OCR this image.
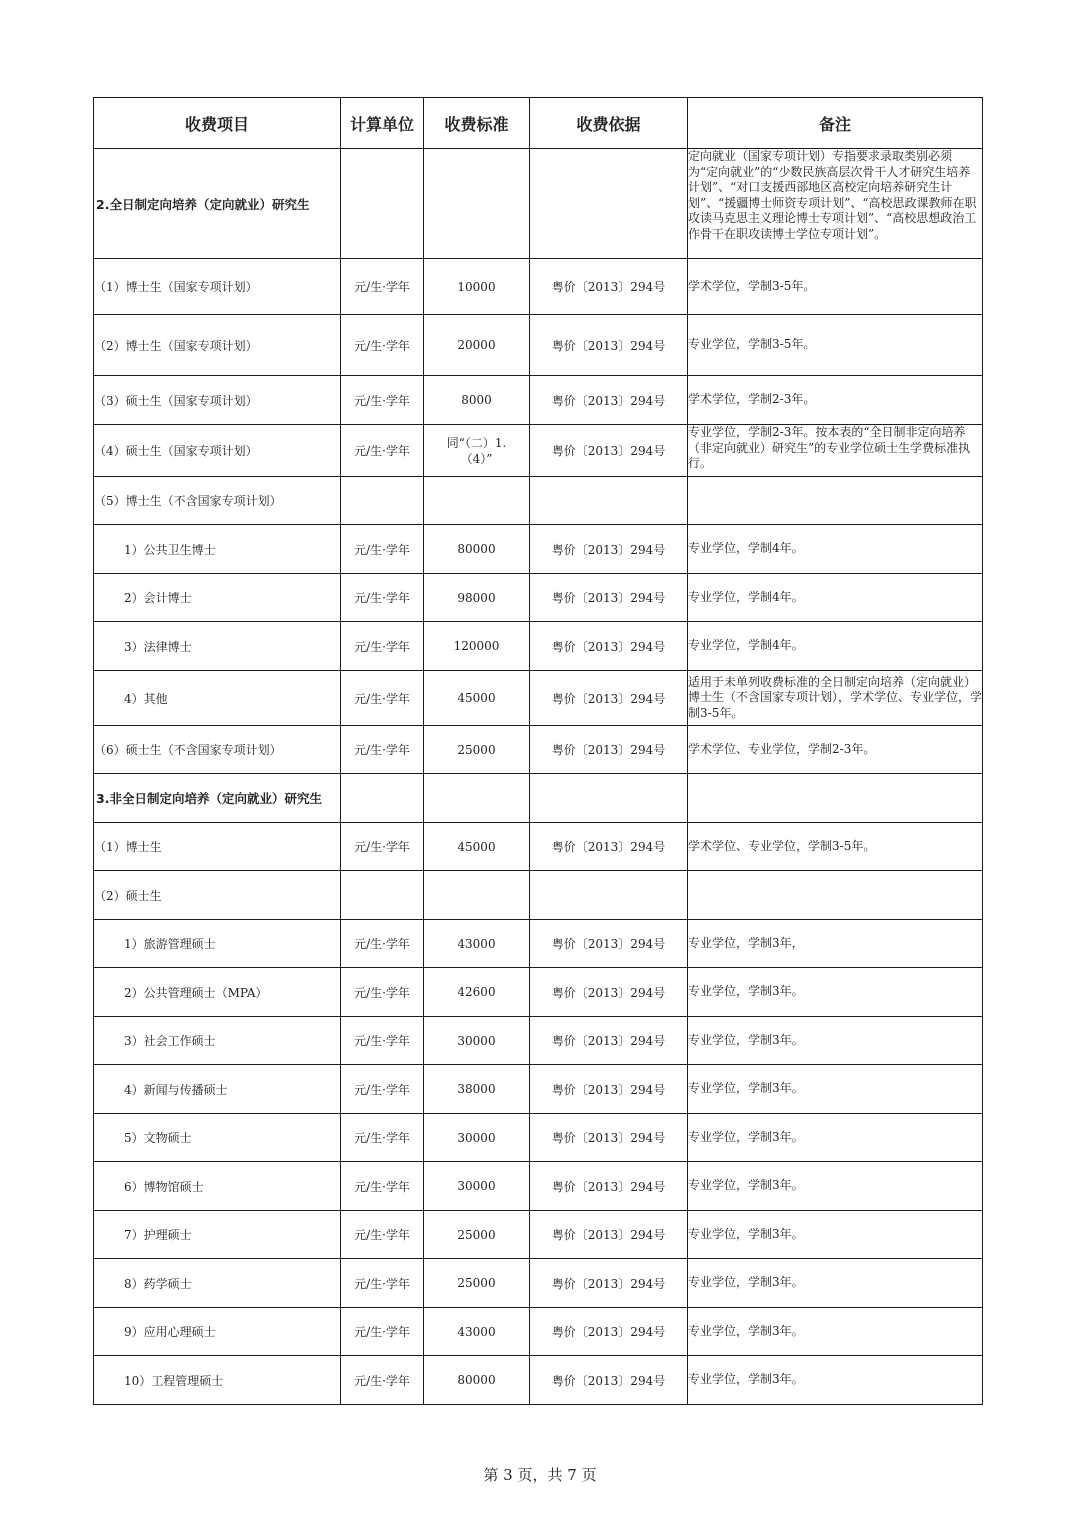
收费项目	计算单位	收费标准	收费依据	备注
2.全日制定向培养（定向就业）研究生				定向就业（国家专项计划）专指要求录取类别必须为“定向就业”的“少数民族高层次骨干人才研究生培养计划”、“对口支援西部地区高校定向培养研究生计划”、“援疆博士师资专项计划”、“高校思政课教师在职攻读马克思主义理论博士专项计划”、“高校思想政治工作骨干在职攻读博士学位专项计划”。
（1）博士生（国家专项计划）	元/生·学年	10000	粤价〔2013〕294号	学术学位，学制3-5年。
（2）博士生（国家专项计划）	元/生·学年	20000	粤价〔2013〕294号	专业学位，学制3-5年。
（3）硕士生（国家专项计划）	元/生·学年	8000	粤价〔2013〕294号	学术学位，学制2-3年。
（4）硕士生（国家专项计划）	元/生·学年	同“（二）1.（4）”	粤价〔2013〕294号	专业学位，学制2-3年。按本表的“全日制非定向培养（非定向就业）研究生”的专业学位硕士生学费标准执行。
（5）博士生（不含国家专项计划）				
1）公共卫生博士	元/生·学年	80000	粤价〔2013〕294号	专业学位，学制4年。
2）会计博士	元/生·学年	98000	粤价〔2013〕294号	专业学位，学制4年。
3）法律博士	元/生·学年	120000	粤价〔2013〕294号	专业学位，学制4年。
4）其他	元/生·学年	45000	粤价〔2013〕294号	适用于未单列收费标准的全日制定向培养（定向就业）博士生（不含国家专项计划），学术学位、专业学位，学制3-5年。
（6）硕士生（不含国家专项计划）	元/生·学年	25000	粤价〔2013〕294号	学术学位、专业学位，学制2-3年。
3.非全日制定向培养（定向就业）研究生				
（1）博士生	元/生·学年	45000	粤价〔2013〕294号	学术学位、专业学位，学制3-5年。
（2）硕士生				
1）旅游管理硕士	元/生·学年	43000	粤价〔2013〕294号	专业学位，学制3年，
2）公共管理硕士（MPA）	元/生·学年	42600	粤价〔2013〕294号	专业学位，学制3年。
3）社会工作硕士	元/生·学年	30000	粤价〔2013〕294号	专业学位，学制3年。
4）新闻与传播硕士	元/生·学年	38000	粤价〔2013〕294号	专业学位，学制3年。
5）文物硕士	元/生·学年	30000	粤价〔2013〕294号	专业学位，学制3年。
6）博物馆硕士	元/生·学年	30000	粤价〔2013〕294号	专业学位，学制3年。
7）护理硕士	元/生·学年	25000	粤价〔2013〕294号	专业学位，学制3年。
8）药学硕士	元/生·学年	25000	粤价〔2013〕294号	专业学位，学制3年。
9）应用心理硕士	元/生·学年	43000	粤价〔2013〕294号	专业学位，学制3年。
10）工程管理硕士	元/生·学年	80000	粤价〔2013〕294号	专业学位，学制3年。
第 3 页，共 7 页
